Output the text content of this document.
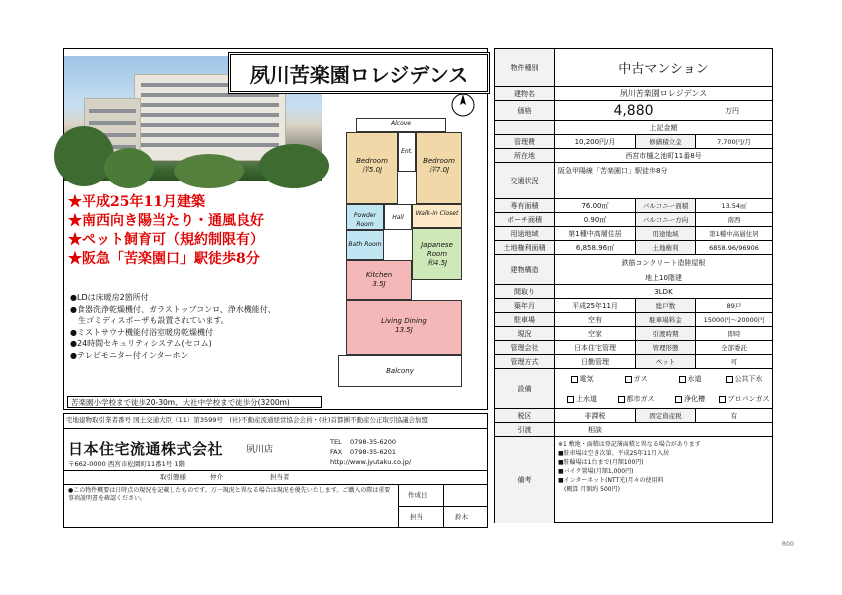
夙川苦楽園ロレジデンス
Alcove
Bedroom
洋5.0J
Ent.
Bedroom
洋7.0J
Powder Room
Hall
Walk-in Closet
Bath Room	Japanese Room
和4.5J
Kitchen
3.5J
Living Dining
13.5J
Balcony
★平成25年11月建築
★南西向き陽当たり・通風良好
★ペット飼育可（規約制限有）
★阪急「苦楽園口」駅徒歩8分
●LDは床暖房2箇所付
●食器洗浄乾燥機付、ガラストップコンロ、浄水機能付、
　生ゴミディスポーザも設置されています。
●ミストサウナ機能付浴室暖房乾燥機付
●24時間セキュリティシステム(セコム)
●テレビモニター付インターホン
苦楽園小学校まで徒歩20-30m、大社中学校まで徒歩分(3200m)
宅地建物取引業者番号 国土交通大臣（11）第3599号　(社)不動産流通経営協会会員・(社)首都圏不動産公正取引協議会加盟
日本住宅流通株式会社	夙川店
TEL 0798-35-6200
FAX 0798-35-6201
http://www.jyutaku.co.jp/
〒662-0000 西宮市松園町11番1号 1階
取引態様	仲介	担当者
●この物件概要は日時点の現況を記載したものです。万一現況と異なる場合は現況を優先いたします。ご購入の際は重要事項説明書を確認ください。	作成日
担当	鈴木
物件種別	中古マンション
建物名	夙川苦楽園ロレジデンス
価格	4,880	万円
上記金額
管理費	10,200円/月	修繕積立金	7,700円/月
所在地	西宮市樋之池町11番8号
交通状況
阪急甲陽線「苦楽園口」駅徒歩8分
専有面積	76.00㎡	バルコニー面積	13.54㎡
ポーチ面積	0.90㎡	バルコニー方向	南西
用途地域	第1種中高層住居	用途地域	第1種中高層住居
土地権利面積	6,858.96㎡	土地権利	6858.96/96906
建物構造
鉄筋コンクリート造陸屋根
地上10階建
間取り	3LDK
築年月	平成25年11月	総戸数	89戸
駐車場	空有	駐車場料金	15000円～20000円
現況	空家	引渡時期	即時
管理会社	日本住宅管理	管理形態	全部委託
管理方式	日勤管理	ペット	可
設備
電気	ガス	水道	公共下水
上水道	都市ガス	浄化槽	プロパンガス
税区	非課税	固定資産税	有
引渡	相談
備考
※1 敷地・面積は登記簿面積と異なる場合があります
■駐車場は空き次第、平成25年11月入居
■駐輪場は1台まで(月額100円)
■バイク置場(月額1,000円)
■インターネット(NTT光)月々の使用料
　(概算 月額約 500円)
R00
